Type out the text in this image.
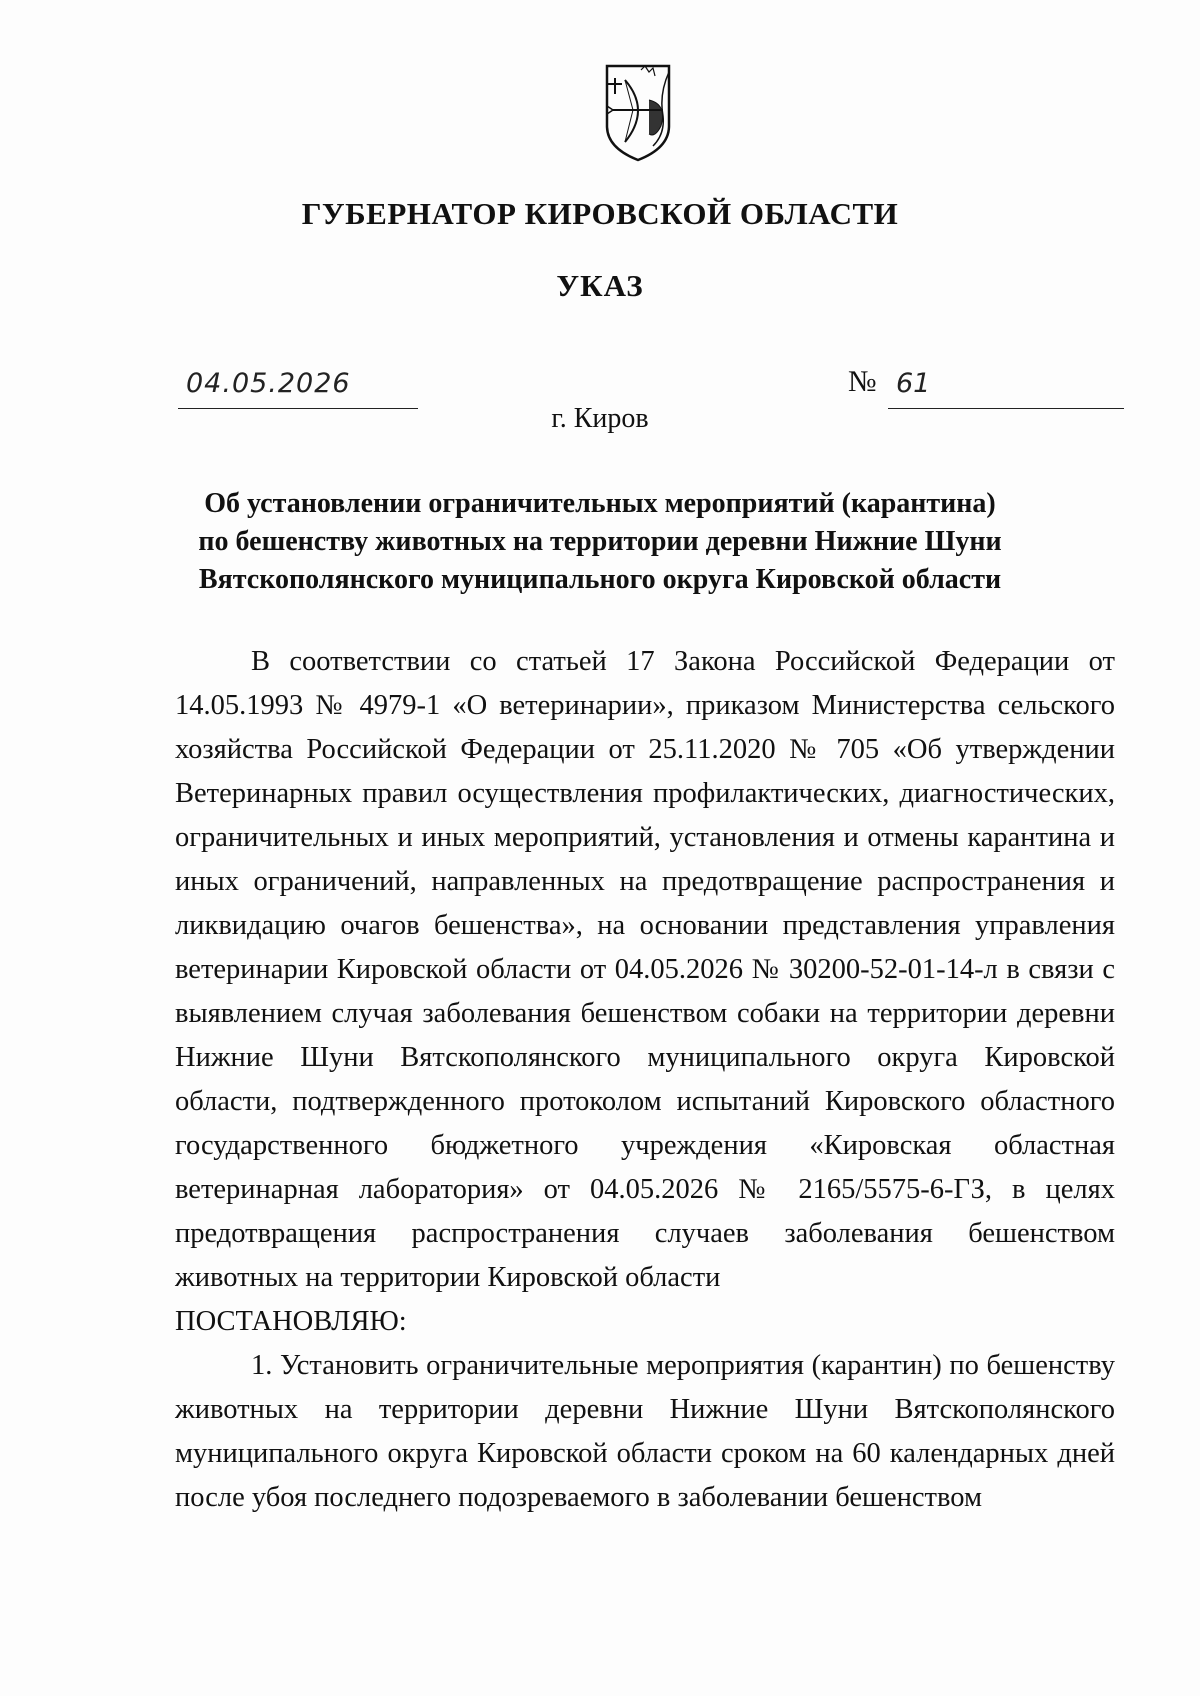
ГУБЕРНАТОР КИРОВСКОЙ ОБЛАСТИ
УКАЗ
04.05.2026	№ 61
г. Киров
Об установлении ограничительных мероприятий (карантина)
по бешенству животных на территории деревни Нижние Шуни
Вятскополянского муниципального округа Кировской области

В соответствии со статьей 17 Закона Российской Федерации от 14.05.1993 № 4979-1 «О ветеринарии», приказом Министерства сельского хозяйства Российской Федерации от 25.11.2020 № 705 «Об утверждении Ветеринарных правил осуществления профилактических, диагностических, ограничительных и иных мероприятий, установления и отмены карантина и иных ограничений, направленных на предотвращение распространения и ликвидацию очагов бешенства», на основании представления управления ветеринарии Кировской области от 04.05.2026 № 30200-52-01-14-л в связи с выявлением случая заболевания бешенством собаки на территории деревни Нижние Шуни Вятскополянского муниципального округа Кировской области, подтвержденного протоколом испытаний Кировского областного государственного бюджетного учреждения «Кировская областная ветеринарная лаборатория» от 04.05.2026 № 2165/5575-6-ГЗ, в целях предотвращения распространения случаев заболевания бешенством животных на территории Кировской области

ПОСТАНОВЛЯЮ:

1. Установить ограничительные мероприятия (карантин) по бешенству животных на территории деревни Нижние Шуни Вятскополянского муниципального округа Кировской области сроком на 60 календарных дней после убоя последнего подозреваемого в заболевании бешенством
